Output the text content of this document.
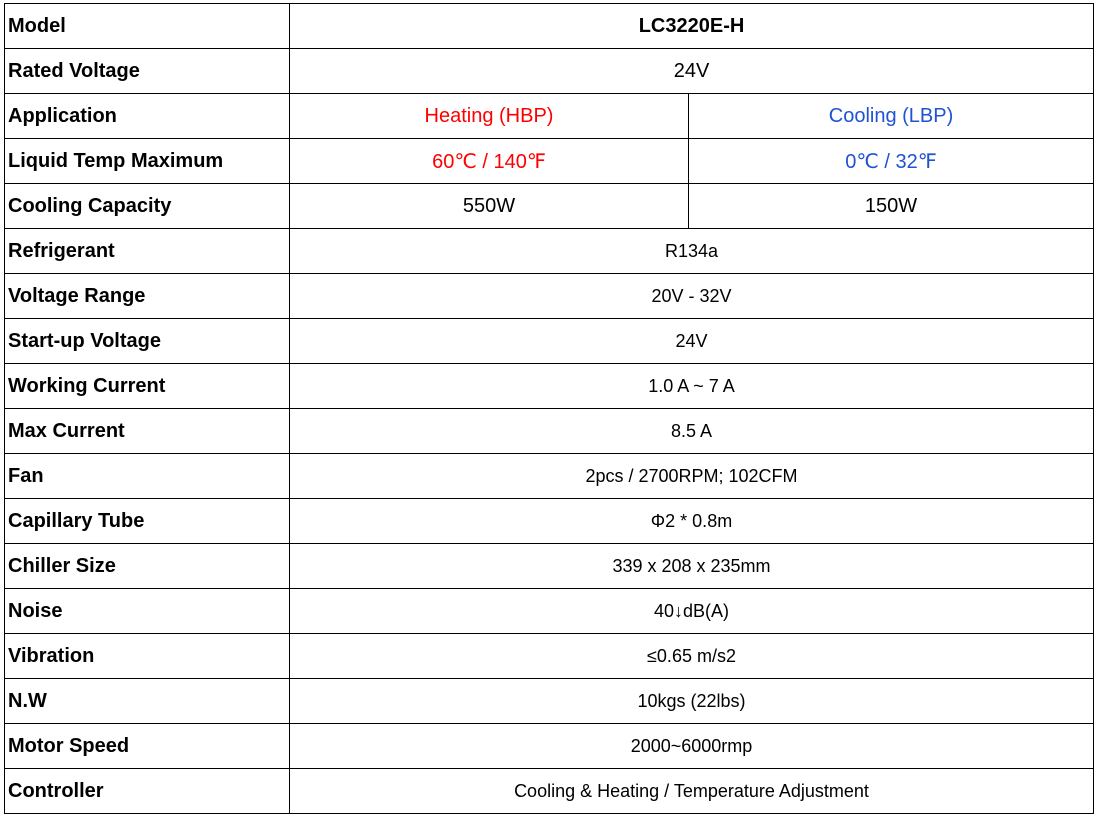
Model	LC3220E-H	
Rated Voltage	24V	
Application	Heating (HBP)	Cooling (LBP)
Liquid Temp Maximum	60℃ / 140℉	0℃ / 32℉
Cooling Capacity	550W	150W
Refrigerant	R134a	
Voltage Range	20V - 32V	
Start-up Voltage	24V	
Working Current	1.0 A ~ 7 A	
Max Current	8.5 A	
Fan	2pcs / 2700RPM; 102CFM	
Capillary Tube	Φ2 * 0.8m	
Chiller Size	339 x 208 x 235mm	
Noise	40↓dB(A)	
Vibration	≤0.65 m/s2	
N.W	10kgs (22lbs)	
Motor Speed	2000~6000rmp	
Controller	Cooling & Heating / Temperature Adjustment	
